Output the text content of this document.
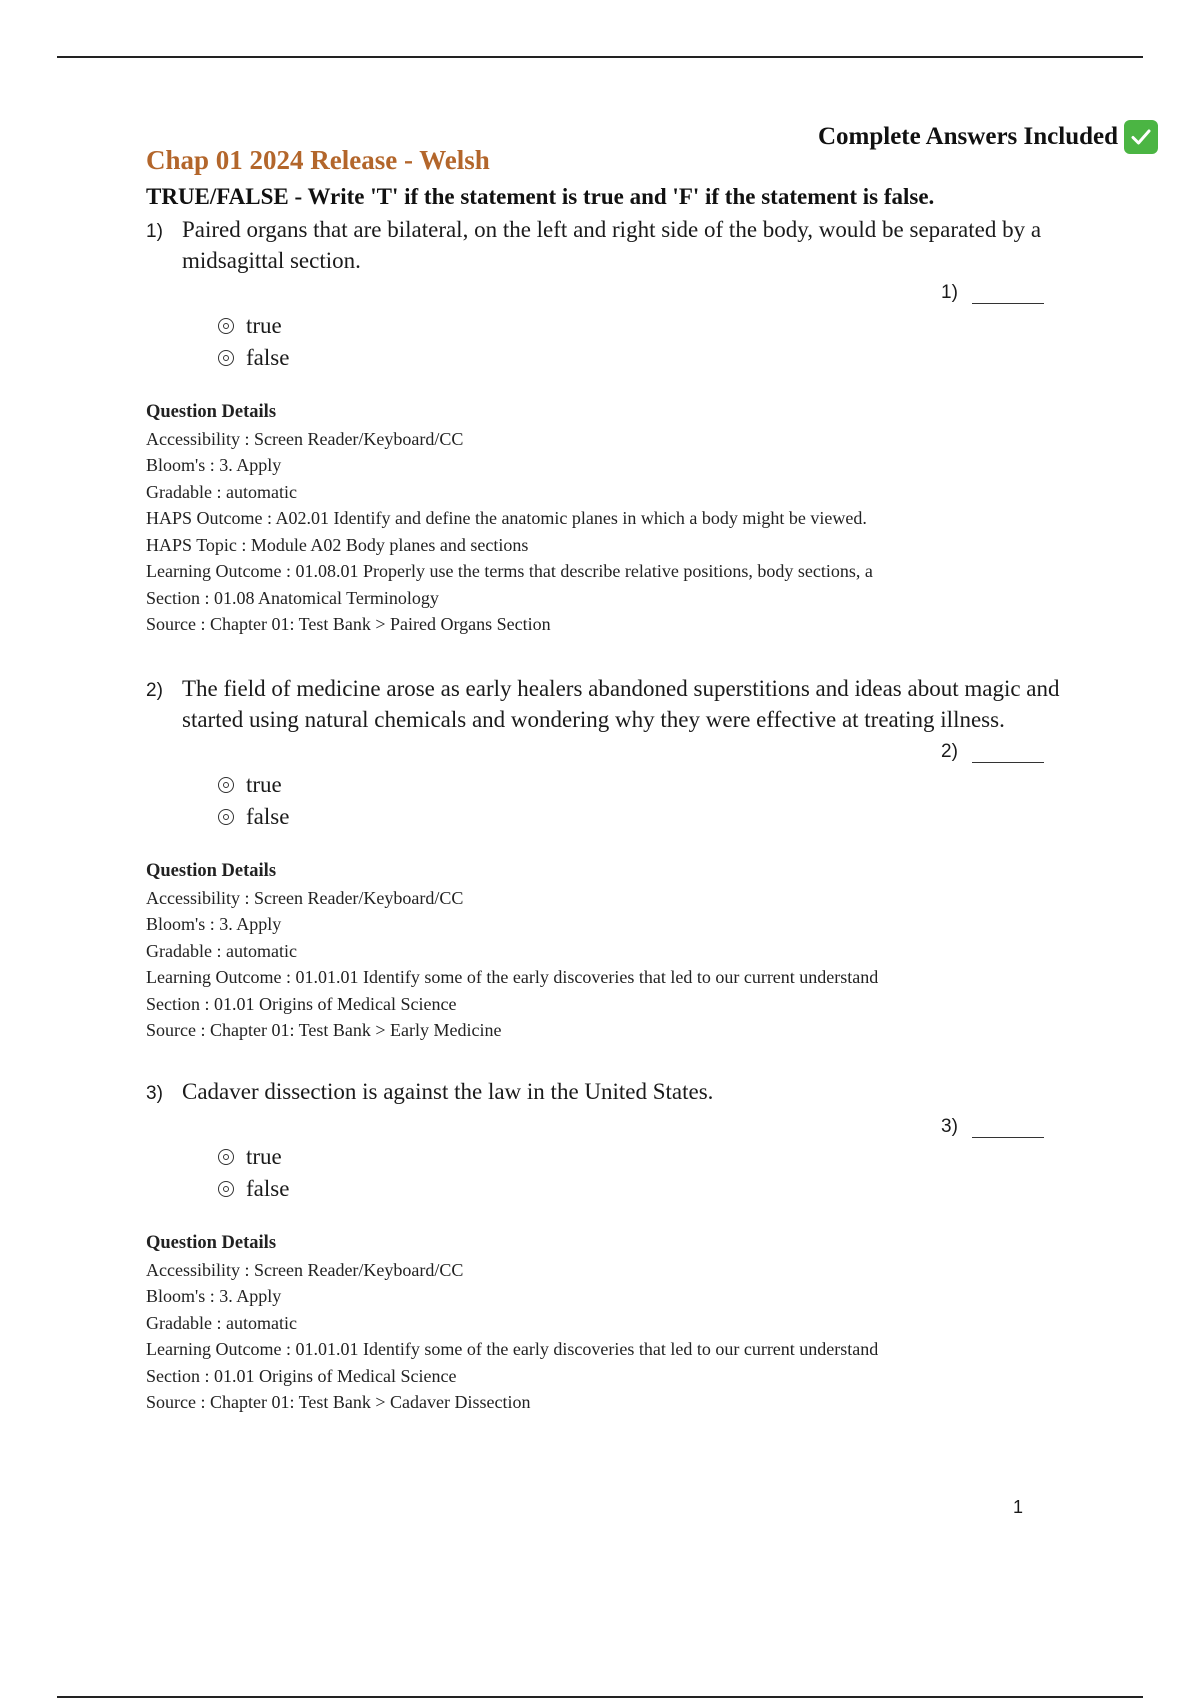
Complete Answers Included
Chap 01 2024 Release - Welsh
TRUE/FALSE - Write 'T' if the statement is true and 'F' if the statement is false.
1) Paired organs that are bilateral, on the left and right side of the body, would be separated by a midsagittal section.
1)
true
false
Question Details
Accessibility : Screen Reader/Keyboard/CC
Bloom's : 3. Apply
Gradable : automatic
HAPS Outcome : A02.01 Identify and define the anatomic planes in which a body might be viewed.
HAPS Topic : Module A02 Body planes and sections
Learning Outcome : 01.08.01 Properly use the terms that describe relative positions, body sections, a
Section : 01.08 Anatomical Terminology
Source : Chapter 01: Test Bank > Paired Organs Section
2) The field of medicine arose as early healers abandoned superstitions and ideas about magic and started using natural chemicals and wondering why they were effective at treating illness.
2)
true
false
Question Details
Accessibility : Screen Reader/Keyboard/CC
Bloom's : 3. Apply
Gradable : automatic
Learning Outcome : 01.01.01 Identify some of the early discoveries that led to our current understand
Section : 01.01 Origins of Medical Science
Source : Chapter 01: Test Bank > Early Medicine
3) Cadaver dissection is against the law in the United States.
3)
true
false
Question Details
Accessibility : Screen Reader/Keyboard/CC
Bloom's : 3. Apply
Gradable : automatic
Learning Outcome : 01.01.01 Identify some of the early discoveries that led to our current understand
Section : 01.01 Origins of Medical Science
Source : Chapter 01: Test Bank > Cadaver Dissection
1
